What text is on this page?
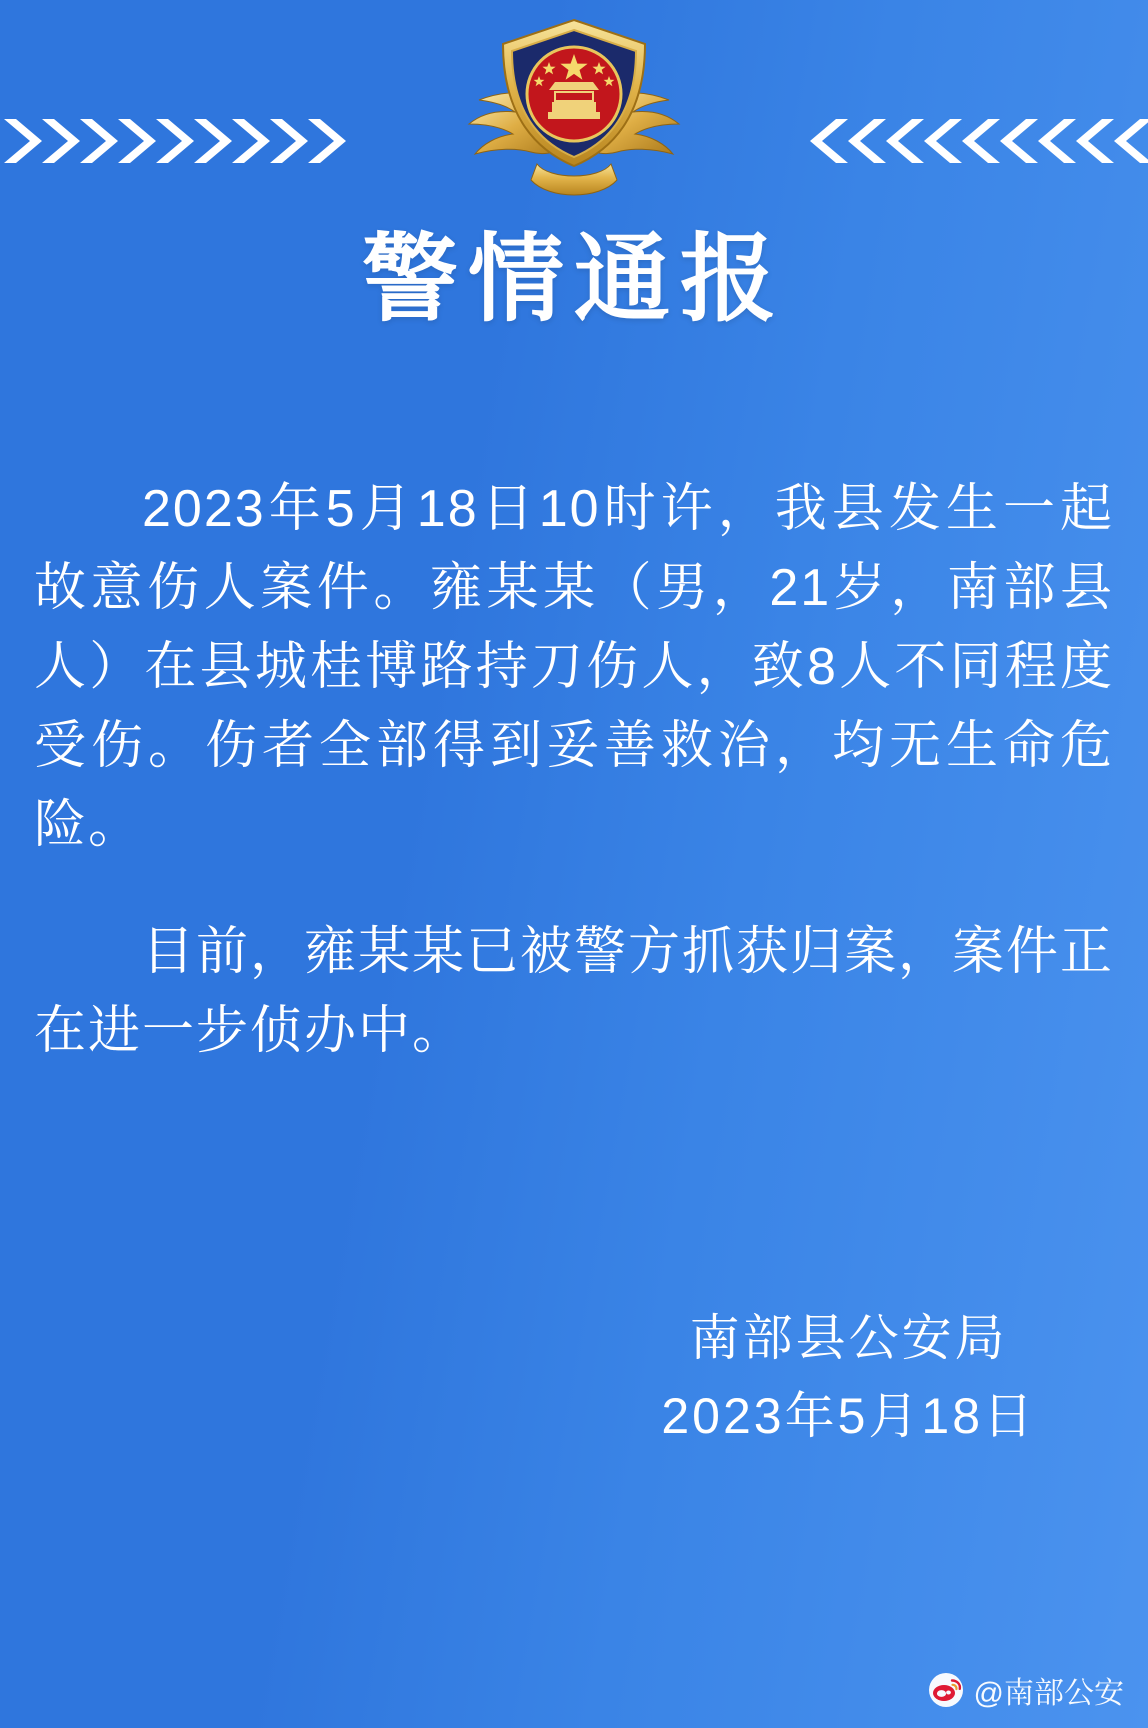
警情通报

2023年5月18日10时许，我县发生一起故意伤人案件。雍某某（男，21岁，南部县人）在县城桂博路持刀伤人，致8人不同程度受伤。伤者全部得到妥善救治，均无生命危险。

目前，雍某某已被警方抓获归案，案件正在进一步侦办中。

南部县公安局
2023年5月18日
@南部公安
